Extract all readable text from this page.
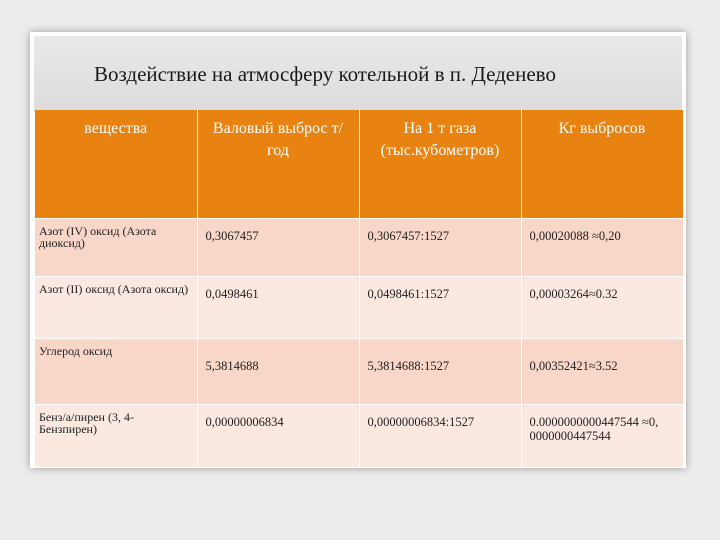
Воздействие на атмосферу котельной в п. Деденево
вещества	Валовый выброс т/год	На 1 т газа (тыс.кубометров)	Кг выбросов
Азот (IV) оксид (Азота диоксид)	0,3067457	0,3067457:1527	0,00020088 ≈0,20
Азот (II) оксид (Азота оксид)	0,0498461	0,0498461:1527	0,00003264≈0.32
Углерод оксид	5,3814688	5,3814688:1527	0,00352421≈3.52
Бенз/а/пирен (3, 4-Бензпирен)	0,00000006834	0,00000006834:1527	0.0000000000447544 ≈0, 0000000447544
